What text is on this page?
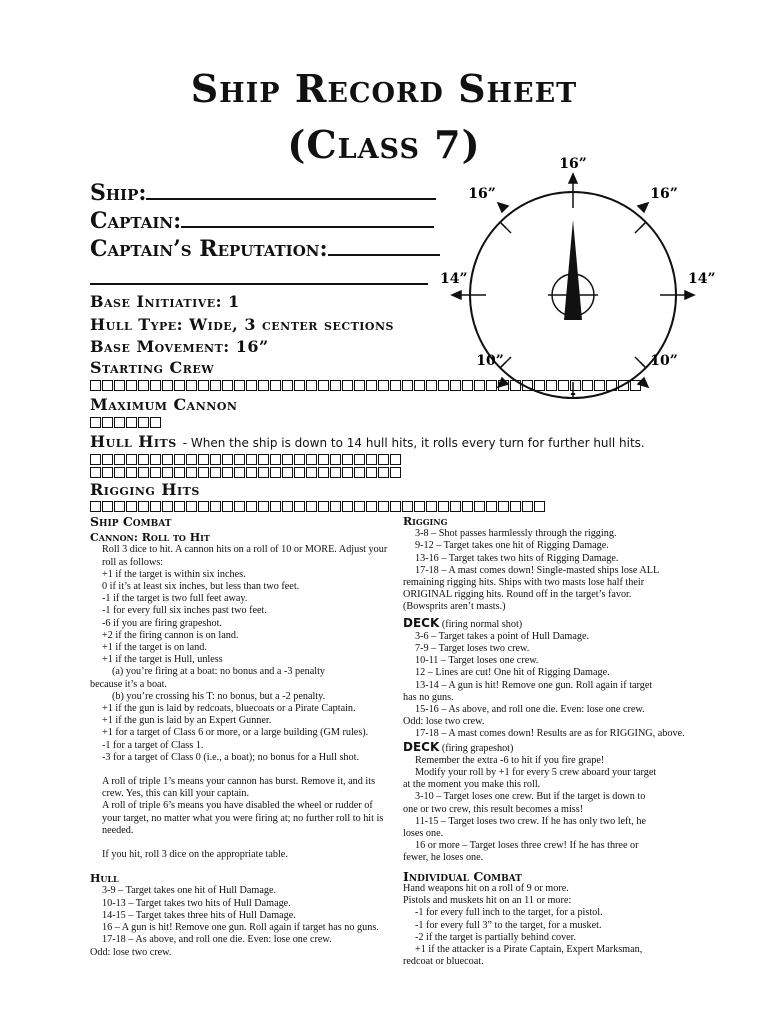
Ship Record Sheet
(Class 7)
Ship:
Captain:
Captain’s Reputation:
Base Initiative: 1
Hull Type: Wide, 3 center sections
Base Movement: 16”
Starting Crew
Maximum Cannon
Hull Hits - When the ship is down to 14 hull hits, it rolls every turn for further hull hits.
Rigging Hits
16”
16”	16”
14”	14”
10”	10”
-
Ship Combat
Cannon: Roll to Hit

Roll 3 dice to hit. A cannon hits on a roll of 10 or MORE. Adjust your roll as follows:

+1 if the target is within six inches.

0 if it’s at least six inches, but less than two feet.

-1 if the target is two full feet away.

-1 for every full six inches past two feet.

-6 if you are firing grapeshot.

+2 if the firing cannon is on land.

+1 if the target is on land.

+1 if the target is Hull, unless

(a) you’re firing at a boat: no bonus and a -3 penalty

because it’s a boat.

(b) you’re crossing his T: no bonus, but a -2 penalty.

+1 if the gun is laid by redcoats, bluecoats or a Pirate Captain.

+1 if the gun is laid by an Expert Gunner.

+1 for a target of Class 6 or more, or a large building (GM rules).

-1 for a target of Class 1.

-3 for a target of Class 0 (i.e., a boat); no bonus for a Hull shot.

A roll of triple 1’s means your cannon has burst. Remove it, and its crew. Yes, this can kill your captain.

A roll of triple 6’s means you have disabled the wheel or rudder of your target, no matter what you were firing at; no further roll to hit is needed.

If you hit, roll 3 dice on the appropriate table.

Hull

3-9 – Target takes one hit of Hull Damage.

10-13 – Target takes two hits of Hull Damage.

14-15 – Target takes three hits of Hull Damage.

16 – A gun is hit! Remove one gun. Roll again if target has no guns.

17-18 – As above, and roll one die. Even: lose one crew.

Odd: lose two crew.

Rigging

3-8 – Shot passes harmlessly through the rigging.

9-12 – Target takes one hit of Rigging Damage.

13-16 – Target takes two hits of Rigging Damage.

17-18 – A mast comes down! Single-masted ships lose ALL

remaining rigging hits. Ships with two masts lose half their ORIGINAL rigging hits. Round off in the target’s favor.

(Bowsprits aren’t masts.)

DECK (firing normal shot)

3-6 – Target takes a point of Hull Damage.

7-9 – Target loses two crew.

10-11 – Target loses one crew.

12 – Lines are cut! One hit of Rigging Damage.

13-14 – A gun is hit! Remove one gun. Roll again if target

has no guns.

15-16 – As above, and roll one die. Even: lose one crew.

Odd: lose two crew.

17-18 – A mast comes down! Results are as for RIGGING, above.

DECK (firing grapeshot)

Remember the extra -6 to hit if you fire grape!

Modify your roll by +1 for every 5 crew aboard your target

at the moment you make this roll.

3-10 – Target loses one crew. But if the target is down to

one or two crew, this result becomes a miss!

11-15 – Target loses two crew. If he has only two left, he

loses one.

16 or more – Target loses three crew! If he has three or

fewer, he loses one.

Individual Combat

Hand weapons hit on a roll of 9 or more.

Pistols and muskets hit on an 11 or more:

-1 for every full inch to the target, for a pistol.

-1 for every full 3” to the target, for a musket.

-2 if the target is partially behind cover.

+1 if the attacker is a Pirate Captain, Expert Marksman,

redcoat or bluecoat.
